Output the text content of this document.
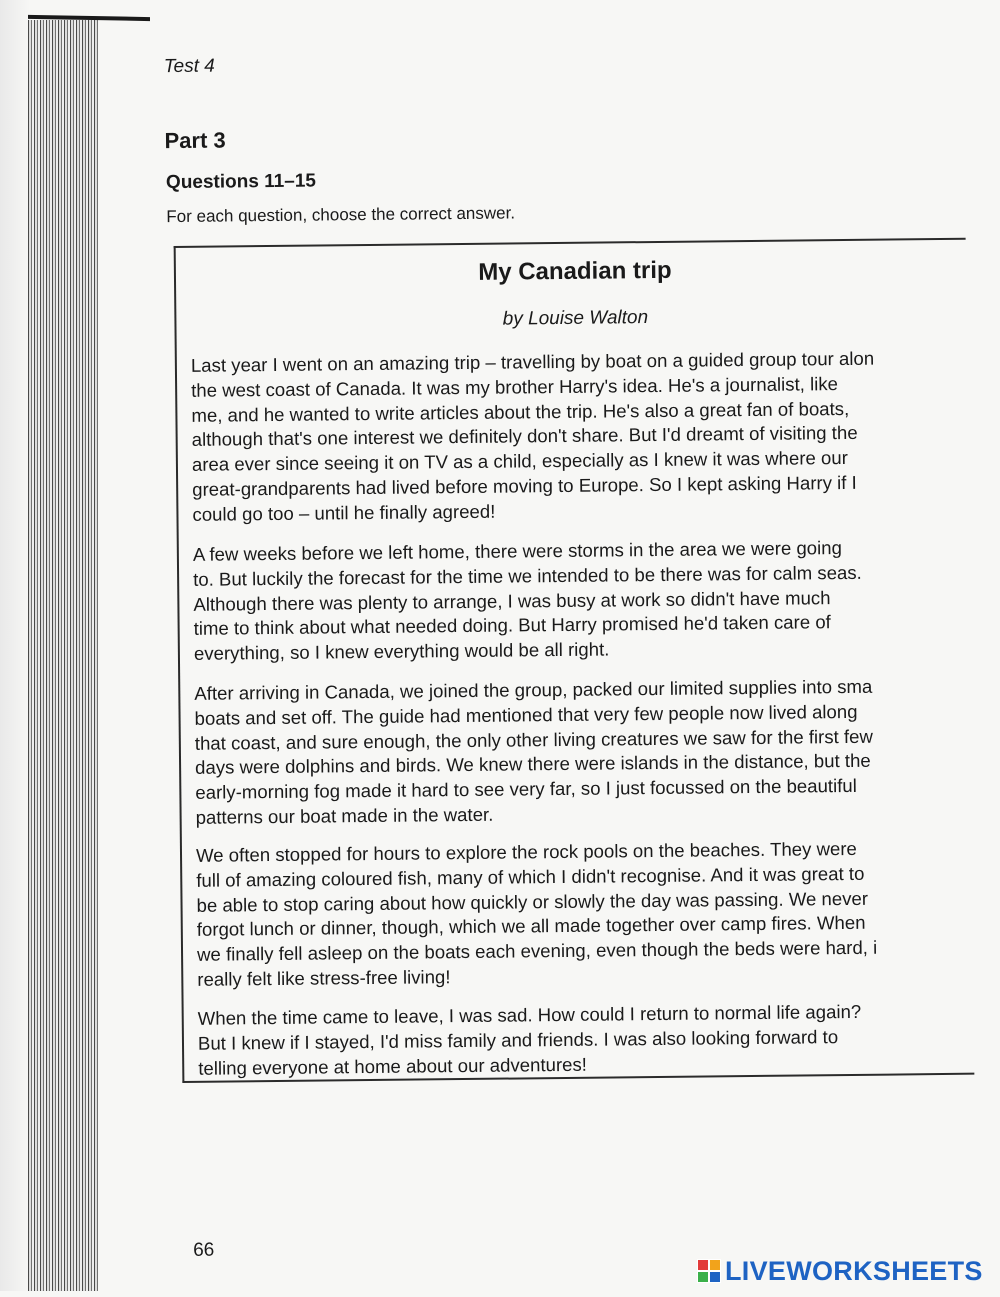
Test 4
Part 3
Questions 11–15
For each question, choose the correct answer.
My Canadian trip
by Louise Walton
Last year I went on an amazing trip – travelling by boat on a guided group tour alon
the west coast of Canada. It was my brother Harry's idea. He's a journalist, like
me, and he wanted to write articles about the trip. He's also a great fan of boats,
although that's one interest we definitely don't share. But I'd dreamt of visiting the
area ever since seeing it on TV as a child, especially as I knew it was where our
great-grandparents had lived before moving to Europe. So I kept asking Harry if I
could go too – until he finally agreed!
A few weeks before we left home, there were storms in the area we were going
to. But luckily the forecast for the time we intended to be there was for calm seas.
Although there was plenty to arrange, I was busy at work so didn't have much
time to think about what needed doing. But Harry promised he'd taken care of
everything, so I knew everything would be all right.
After arriving in Canada, we joined the group, packed our limited supplies into sma
boats and set off. The guide had mentioned that very few people now lived along
that coast, and sure enough, the only other living creatures we saw for the first few
days were dolphins and birds. We knew there were islands in the distance, but the
early-morning fog made it hard to see very far, so I just focussed on the beautiful
patterns our boat made in the water.
We often stopped for hours to explore the rock pools on the beaches. They were
full of amazing coloured fish, many of which I didn't recognise. And it was great to
be able to stop caring about how quickly or slowly the day was passing. We never
forgot lunch or dinner, though, which we all made together over camp fires. When
we finally fell asleep on the boats each evening, even though the beds were hard, i
really felt like stress-free living!
When the time came to leave, I was sad. How could I return to normal life again?
But I knew if I stayed, I'd miss family and friends. I was also looking forward to
telling everyone at home about our adventures!
66
LIVEWORKSHEETS
